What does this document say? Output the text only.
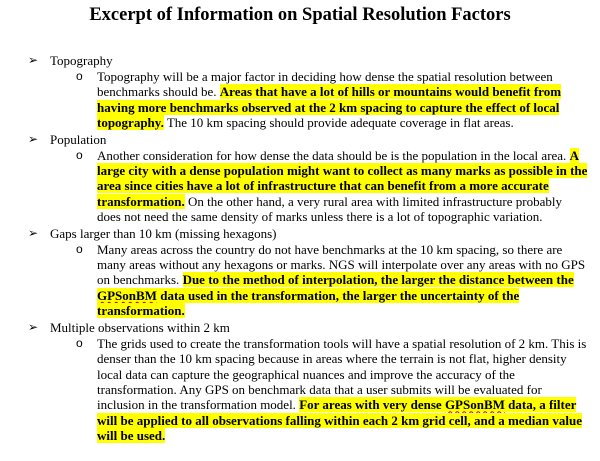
Excerpt of Information on Spatial Resolution Factors
➢ Topography
o Topography will be a major factor in deciding how dense the spatial resolution between benchmarks should be. Areas that have a lot of hills or mountains would benefit from having more benchmarks observed at the 2 km spacing to capture the effect of local topography. The 10 km spacing should provide adequate coverage in flat areas.
➢ Population
o Another consideration for how dense the data should be is the population in the local area. A large city with a dense population might want to collect as many marks as possible in the area since cities have a lot of infrastructure that can benefit from a more accurate transformation. On the other hand, a very rural area with limited infrastructure probably does not need the same density of marks unless there is a lot of topographic variation.
➢ Gaps larger than 10 km (missing hexagons)
o Many areas across the country do not have benchmarks at the 10 km spacing, so there are many areas without any hexagons or marks. NGS will interpolate over any areas with no GPS on benchmarks. Due to the method of interpolation, the larger the distance between the GPSonBM data used in the transformation, the larger the uncertainty of the transformation.
➢ Multiple observations within 2 km
o The grids used to create the transformation tools will have a spatial resolution of 2 km. This is denser than the 10 km spacing because in areas where the terrain is not flat, higher density local data can capture the geographical nuances and improve the accuracy of the transformation. Any GPS on benchmark data that a user submits will be evaluated for inclusion in the transformation model. For areas with very dense GPSonBM data, a filter will be applied to all observations falling within each 2 km grid cell, and a median value will be used.
